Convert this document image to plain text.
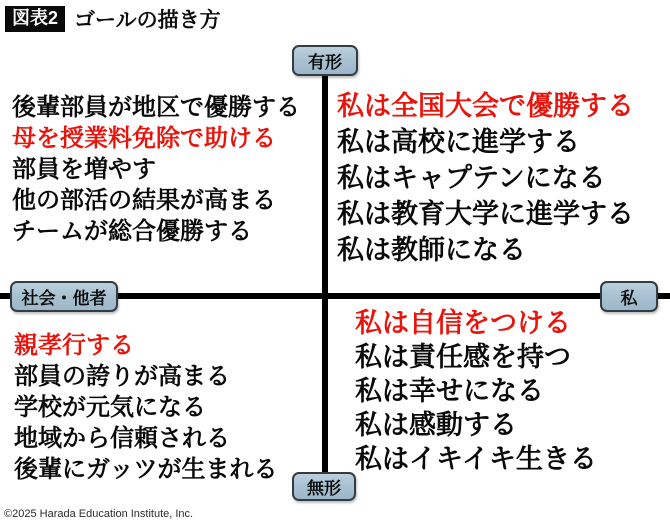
図表2 ゴールの描き方
後輩部員が地区で優勝する
母を授業料免除で助ける
部員を増やす
他の部活の結果が高まる
チームが総合優勝する
私は全国大会で優勝する
私は高校に進学する
私はキャプテンになる
私は教育大学に進学する
私は教師になる
親孝行する
部員の誇りが高まる
学校が元気になる
地域から信頼される
後輩にガッツが生まれる
私は自信をつける
私は責任感を持つ
私は幸せになる
私は感動する
私はイキイキ生きる
有形
無形
社会・他者	私
©2025 Harada Education Institute, Inc.
